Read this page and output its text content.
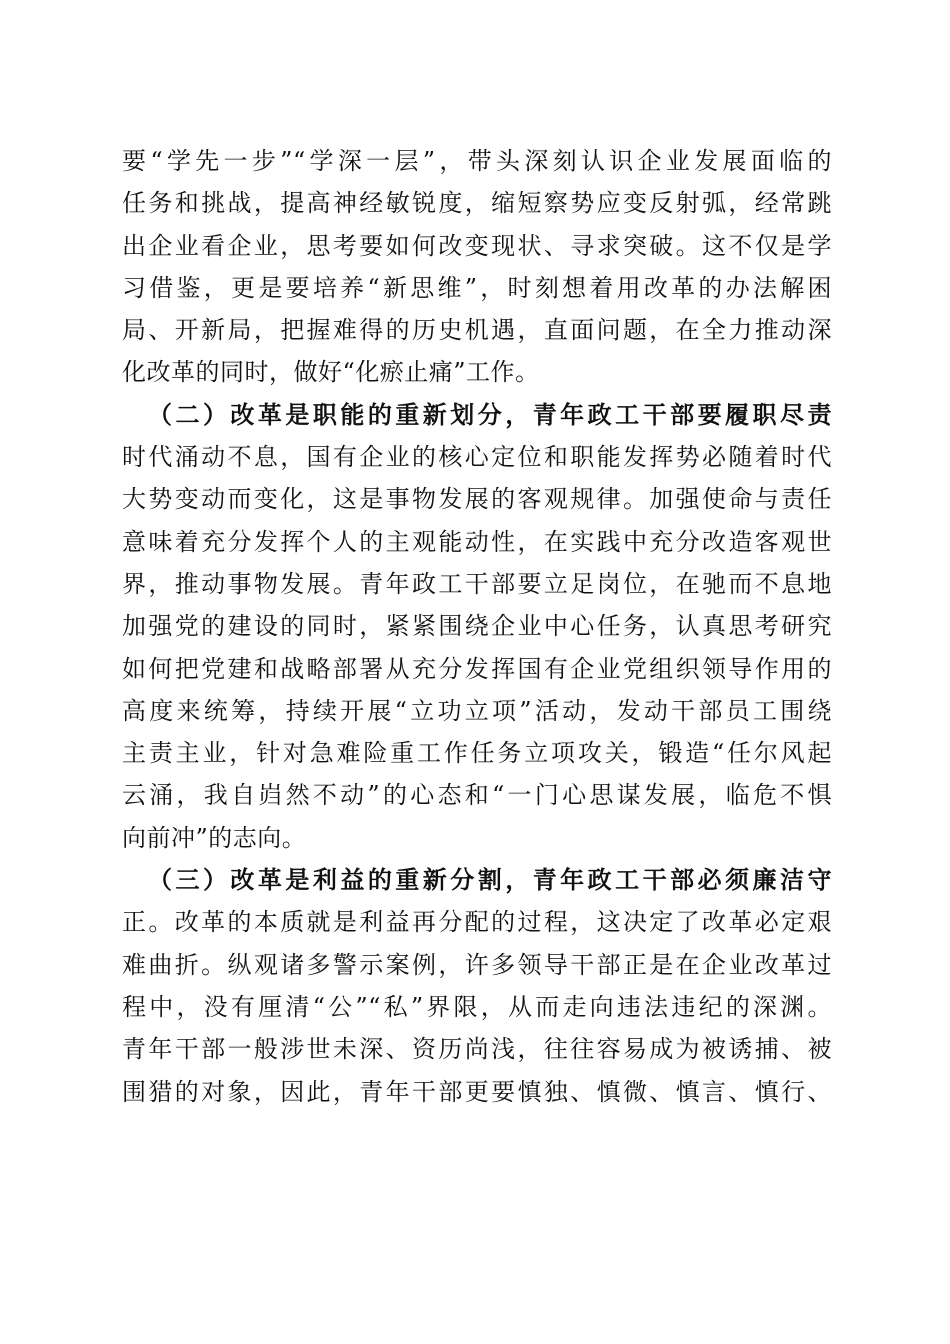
要“学先一步”“学深一层”，带头深刻认识企业发展面临的
任务和挑战，提高神经敏锐度，缩短察势应变反射弧，经常跳
出企业看企业，思考要如何改变现状、寻求突破。这不仅是学
习借鉴，更是要培养“新思维”，时刻想着用改革的办法解困
局、开新局，把握难得的历史机遇，直面问题，在全力推动深
化改革的同时，做好“化瘀止痛”工作。
（二）改革是职能的重新划分，青年政工干部要履职尽责
时代涌动不息，国有企业的核心定位和职能发挥势必随着时代
大势变动而变化，这是事物发展的客观规律。加强使命与责任
意味着充分发挥个人的主观能动性，在实践中充分改造客观世
界，推动事物发展。青年政工干部要立足岗位，在驰而不息地
加强党的建设的同时，紧紧围绕企业中心任务，认真思考研究
如何把党建和战略部署从充分发挥国有企业党组织领导作用的
高度来统筹，持续开展“立功立项”活动，发动干部员工围绕
主责主业，针对急难险重工作任务立项攻关，锻造“任尔风起
云涌，我自岿然不动”的心态和“一门心思谋发展，临危不惧
向前冲”的志向。
（三）改革是利益的重新分割，青年政工干部必须廉洁守
正。改革的本质就是利益再分配的过程，这决定了改革必定艰
难曲折。纵观诸多警示案例，许多领导干部正是在企业改革过
程中，没有厘清“公”“私”界限，从而走向违法违纪的深渊。
青年干部一般涉世未深、资历尚浅，往往容易成为被诱捕、被
围猎的对象，因此，青年干部更要慎独、慎微、慎言、慎行、
